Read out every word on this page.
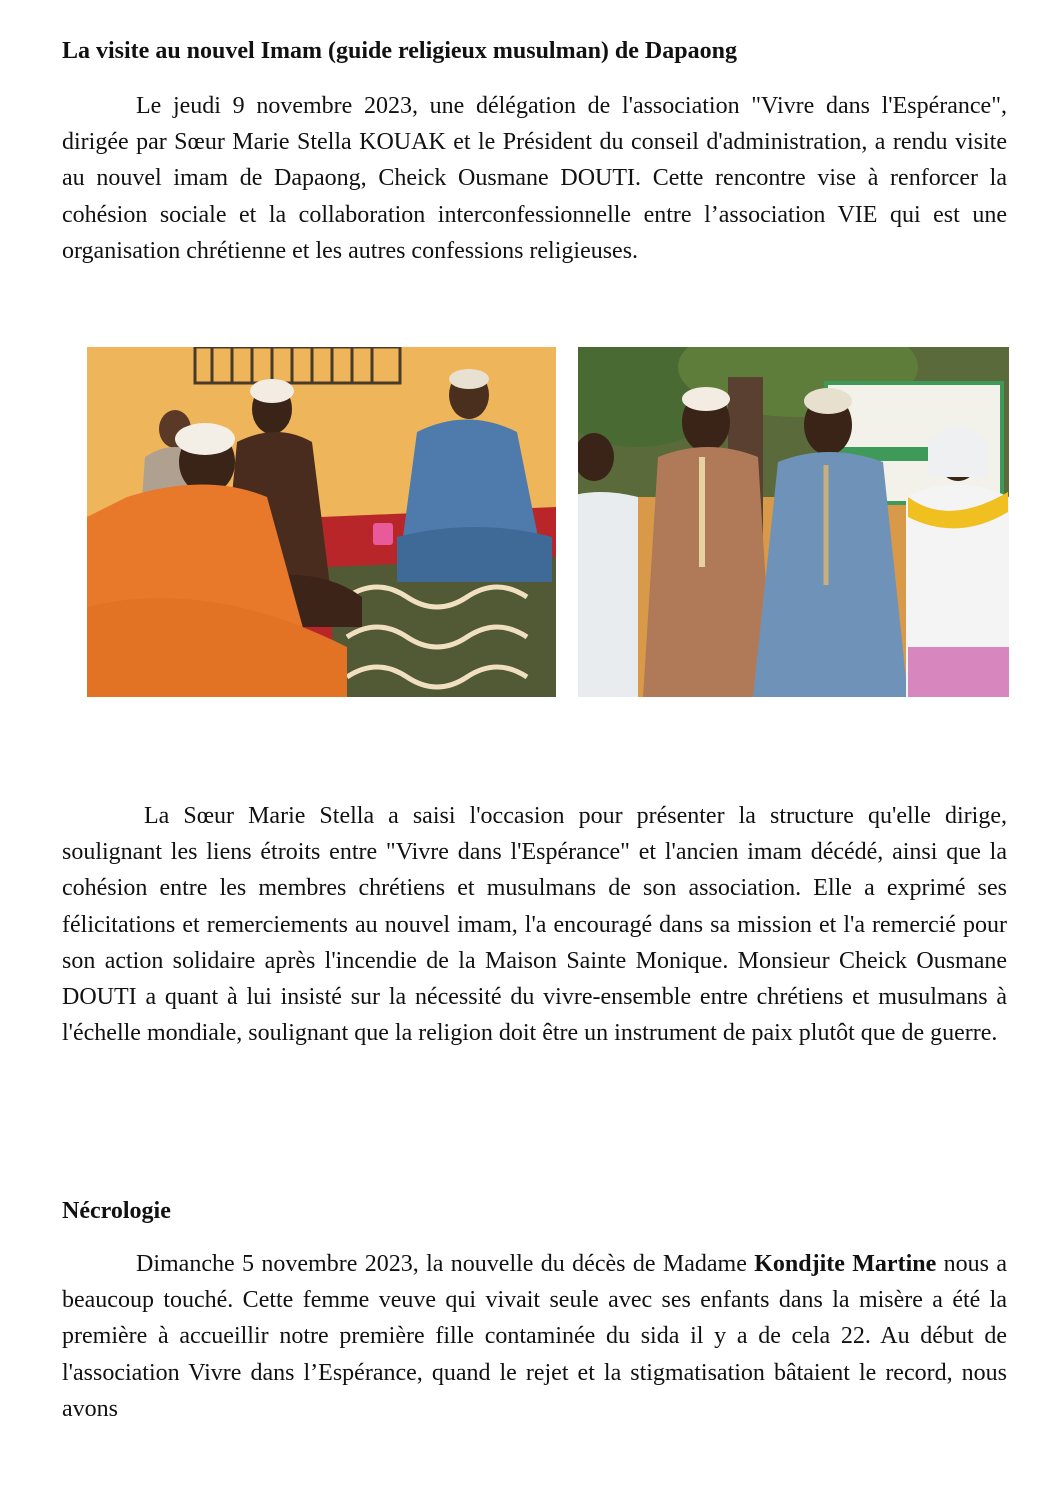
La visite au nouvel Imam (guide religieux musulman) de Dapaong

Le jeudi 9 novembre 2023, une délégation de l'association "Vivre dans l'Espérance", dirigée par Sœur Marie Stella KOUAK et le Président du conseil d'administration, a rendu visite au nouvel imam de Dapaong, Cheick Ousmane DOUTI. Cette rencontre vise à renforcer la cohésion sociale et la collaboration interconfessionnelle entre l’association VIE qui est une organisation chrétienne et les autres confessions religieuses.

La Sœur Marie Stella a saisi l'occasion pour présenter la structure qu'elle dirige, soulignant les liens étroits entre "Vivre dans l'Espérance" et l'ancien imam décédé, ainsi que la cohésion entre les membres chrétiens et musulmans de son association. Elle a exprimé ses félicitations et remerciements au nouvel imam, l'a encouragé dans sa mission et l'a remercié pour son action solidaire après l'incendie de la Maison Sainte Monique. Monsieur Cheick Ousmane DOUTI a quant à lui insisté sur la nécessité du vivre-ensemble entre chrétiens et musulmans à l'échelle mondiale, soulignant que la religion doit être un instrument de paix plutôt que de guerre.

Nécrologie

Dimanche 5 novembre 2023, la nouvelle du décès de Madame Kondjite Martine nous a beaucoup touché. Cette femme veuve qui vivait seule avec ses enfants dans la misère a été la première à accueillir notre première fille contaminée du sida il y a de cela 22. Au début de l'association Vivre dans l’Espérance, quand le rejet et la stigmatisation bâtaient le record, nous avons
